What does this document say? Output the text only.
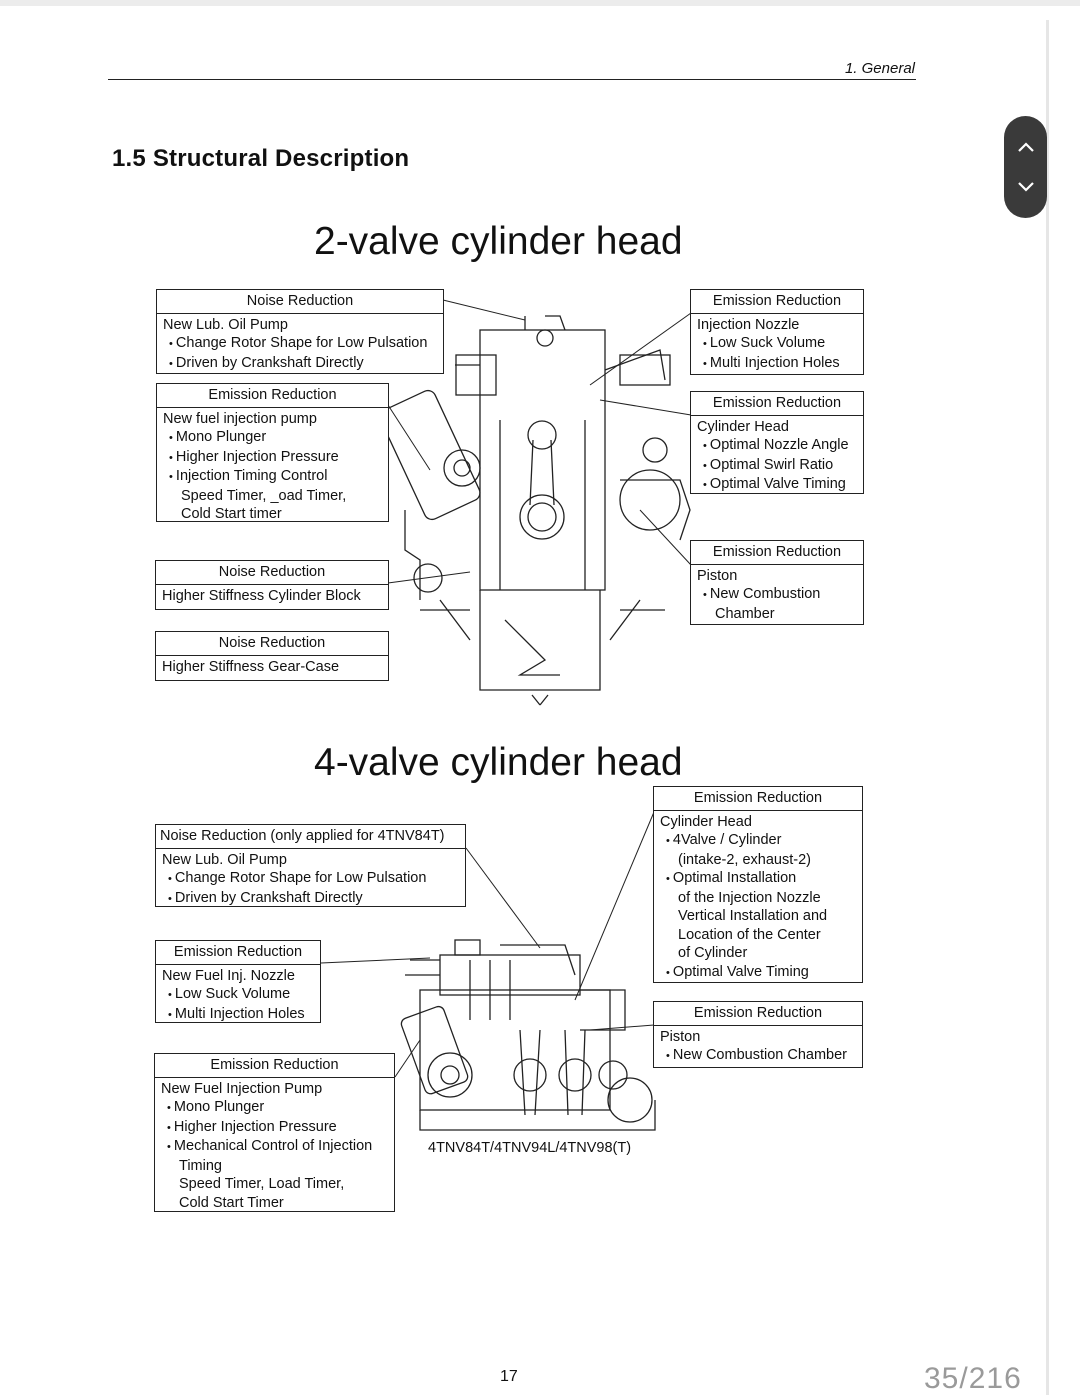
1. General
1.5 Structural Description
2-valve cylinder head
4-valve cylinder head
Noise Reduction
New Lub. Oil Pump
• Change Rotor Shape for Low Pulsation
• Driven by Crankshaft Directly
Emission Reduction
New fuel injection pump
• Mono Plunger
• Higher Injection Pressure
• Injection Timing Control
Speed Timer, _oad Timer,
Cold Start timer
Noise Reduction
Higher Stiffness Cylinder Block
Noise Reduction
Higher Stiffness Gear-Case
Emission Reduction
Injection Nozzle
• Low Suck Volume
• Multi Injection Holes
Emission Reduction
Cylinder Head
• Optimal Nozzle Angle
• Optimal Swirl Ratio
• Optimal Valve Timing
Emission Reduction
Piston
• New Combustion
Chamber
Noise Reduction (only applied for 4TNV84T)
New Lub. Oil Pump
• Change Rotor Shape for Low Pulsation
• Driven by Crankshaft Directly
Emission Reduction
New Fuel Inj. Nozzle
• Low Suck Volume
• Multi Injection Holes
Emission Reduction
New Fuel Injection Pump
• Mono Plunger
• Higher Injection Pressure
• Mechanical Control of Injection
Timing
Speed Timer, Load Timer,
Cold Start Timer
Emission Reduction
Cylinder Head
• 4Valve / Cylinder
(intake-2, exhaust-2)
• Optimal Installation
of the Injection Nozzle
Vertical Installation and
Location of the Center
of Cylinder
• Optimal Valve Timing
Emission Reduction
Piston
• New Combustion Chamber
4TNV84T/4TNV94L/4TNV98(T)
17	35/216
